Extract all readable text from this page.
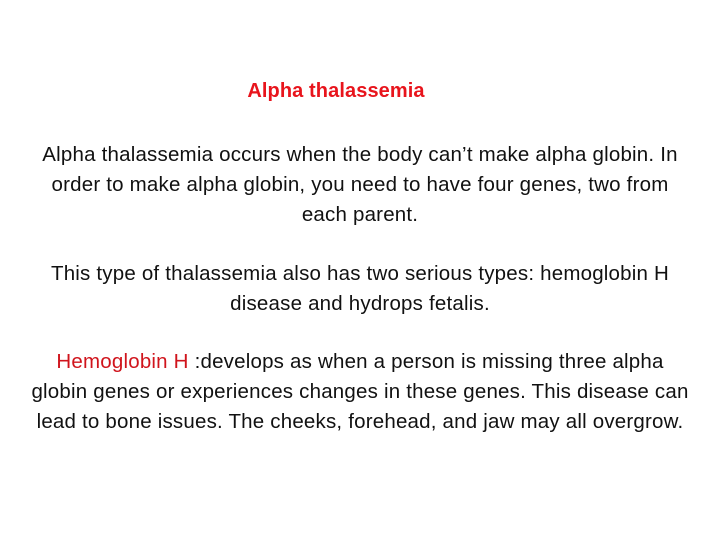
Alpha thalassemia
Alpha thalassemia occurs when the body can’t make alpha globin. In order to make alpha globin, you need to have four genes, two from each parent.
This type of thalassemia also has two serious types: hemoglobin H disease and hydrops fetalis.
Hemoglobin H :develops as when a person is missing three alpha globin genes or experiences changes in these genes. This disease can lead to bone issues. The cheeks, forehead, and jaw may all overgrow.
